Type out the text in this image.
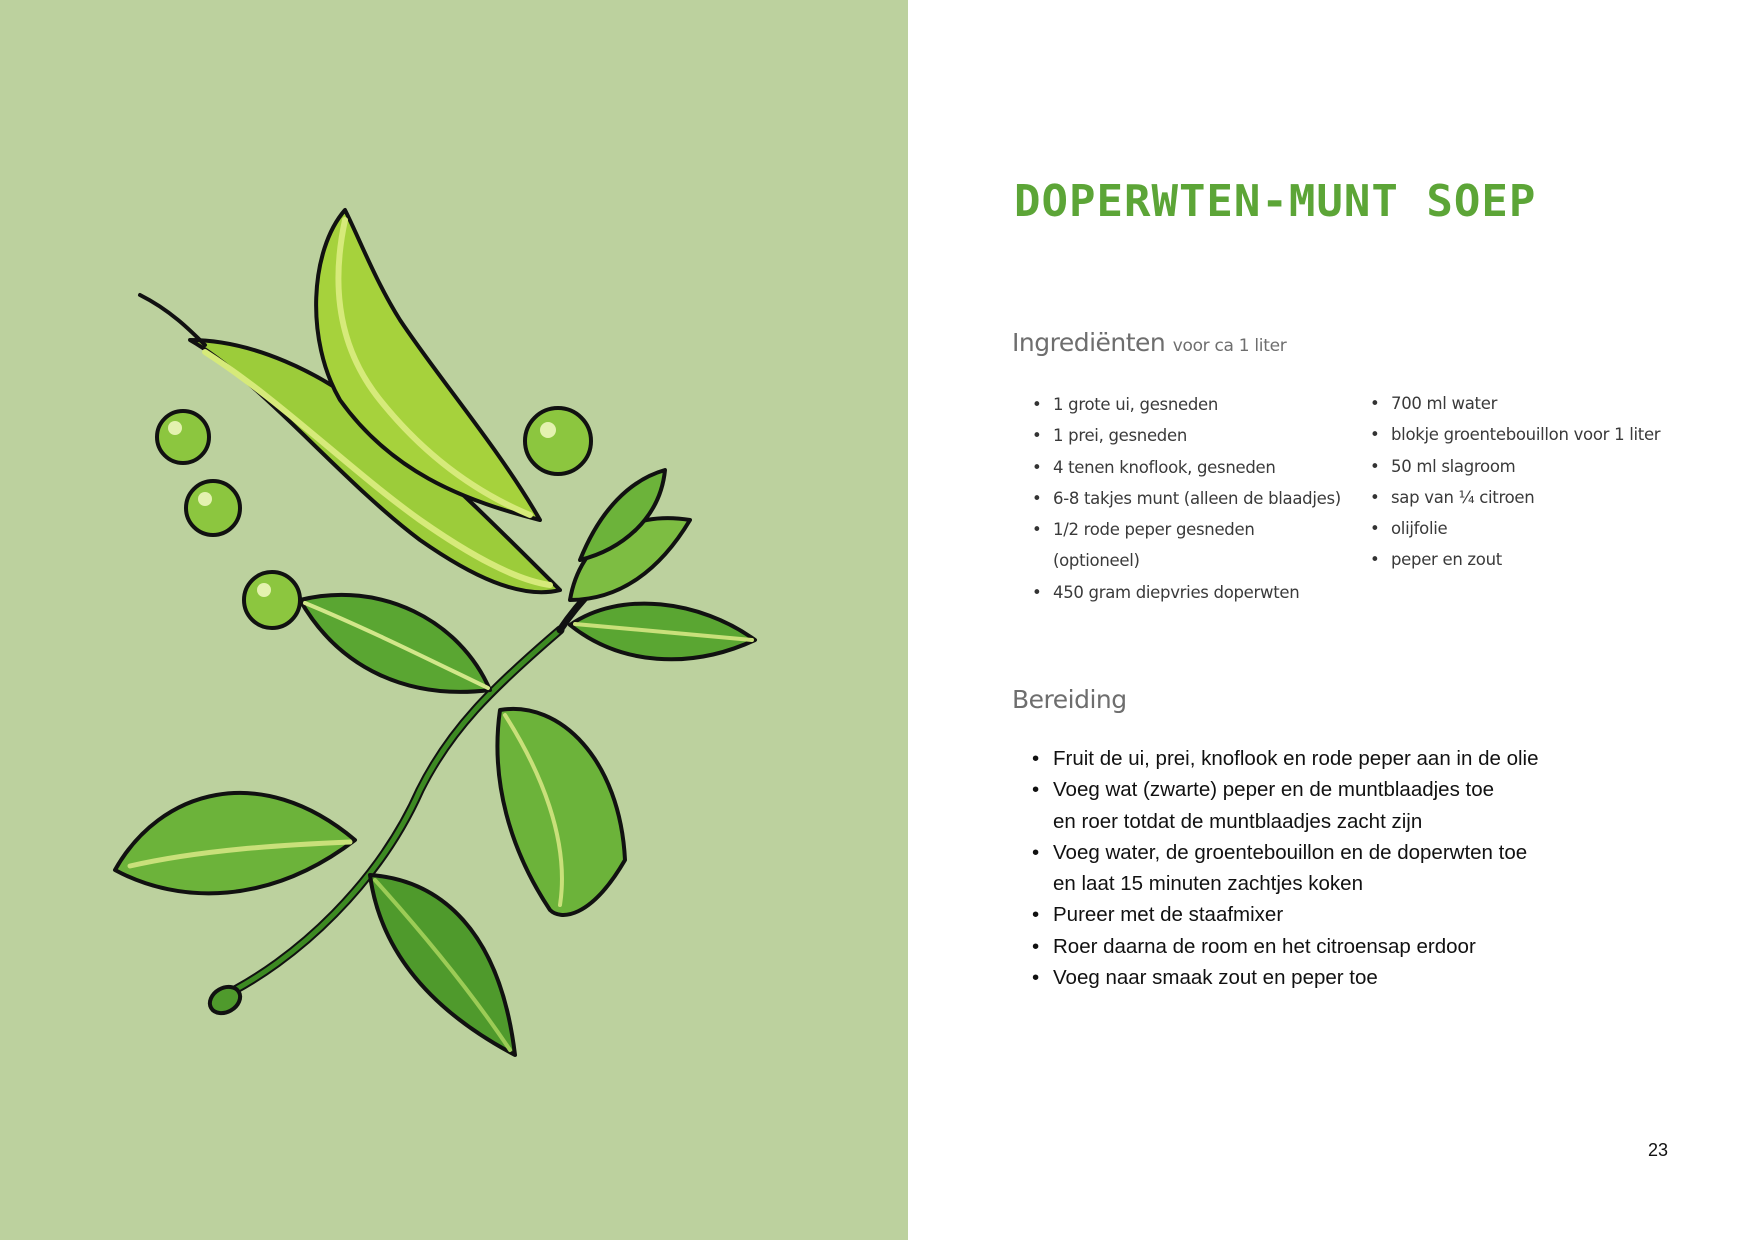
DOPERWTEN-MUNT SOEP
Ingrediënten voor ca 1 liter
• 1 grote ui, gesneden
• 1 prei, gesneden
• 4 tenen knoflook, gesneden
• 6-8 takjes munt (alleen de blaadjes)
• 1/2 rode peper gesneden
(optioneel)
• 450 gram diepvries doperwten
• 700 ml water
• blokje groentebouillon voor 1 liter
• 50 ml slagroom
• sap van ¼ citroen
• olijfolie
• peper en zout
Bereiding
• Fruit de ui, prei, knoflook en rode peper aan in de olie
• Voeg wat (zwarte) peper en de muntblaadjes toe
en roer totdat de muntblaadjes zacht zijn
• Voeg water, de groentebouillon en de doperwten toe
en laat 15 minuten zachtjes koken
• Pureer met de staafmixer
• Roer daarna de room en het citroensap erdoor
• Voeg naar smaak zout en peper toe
23
